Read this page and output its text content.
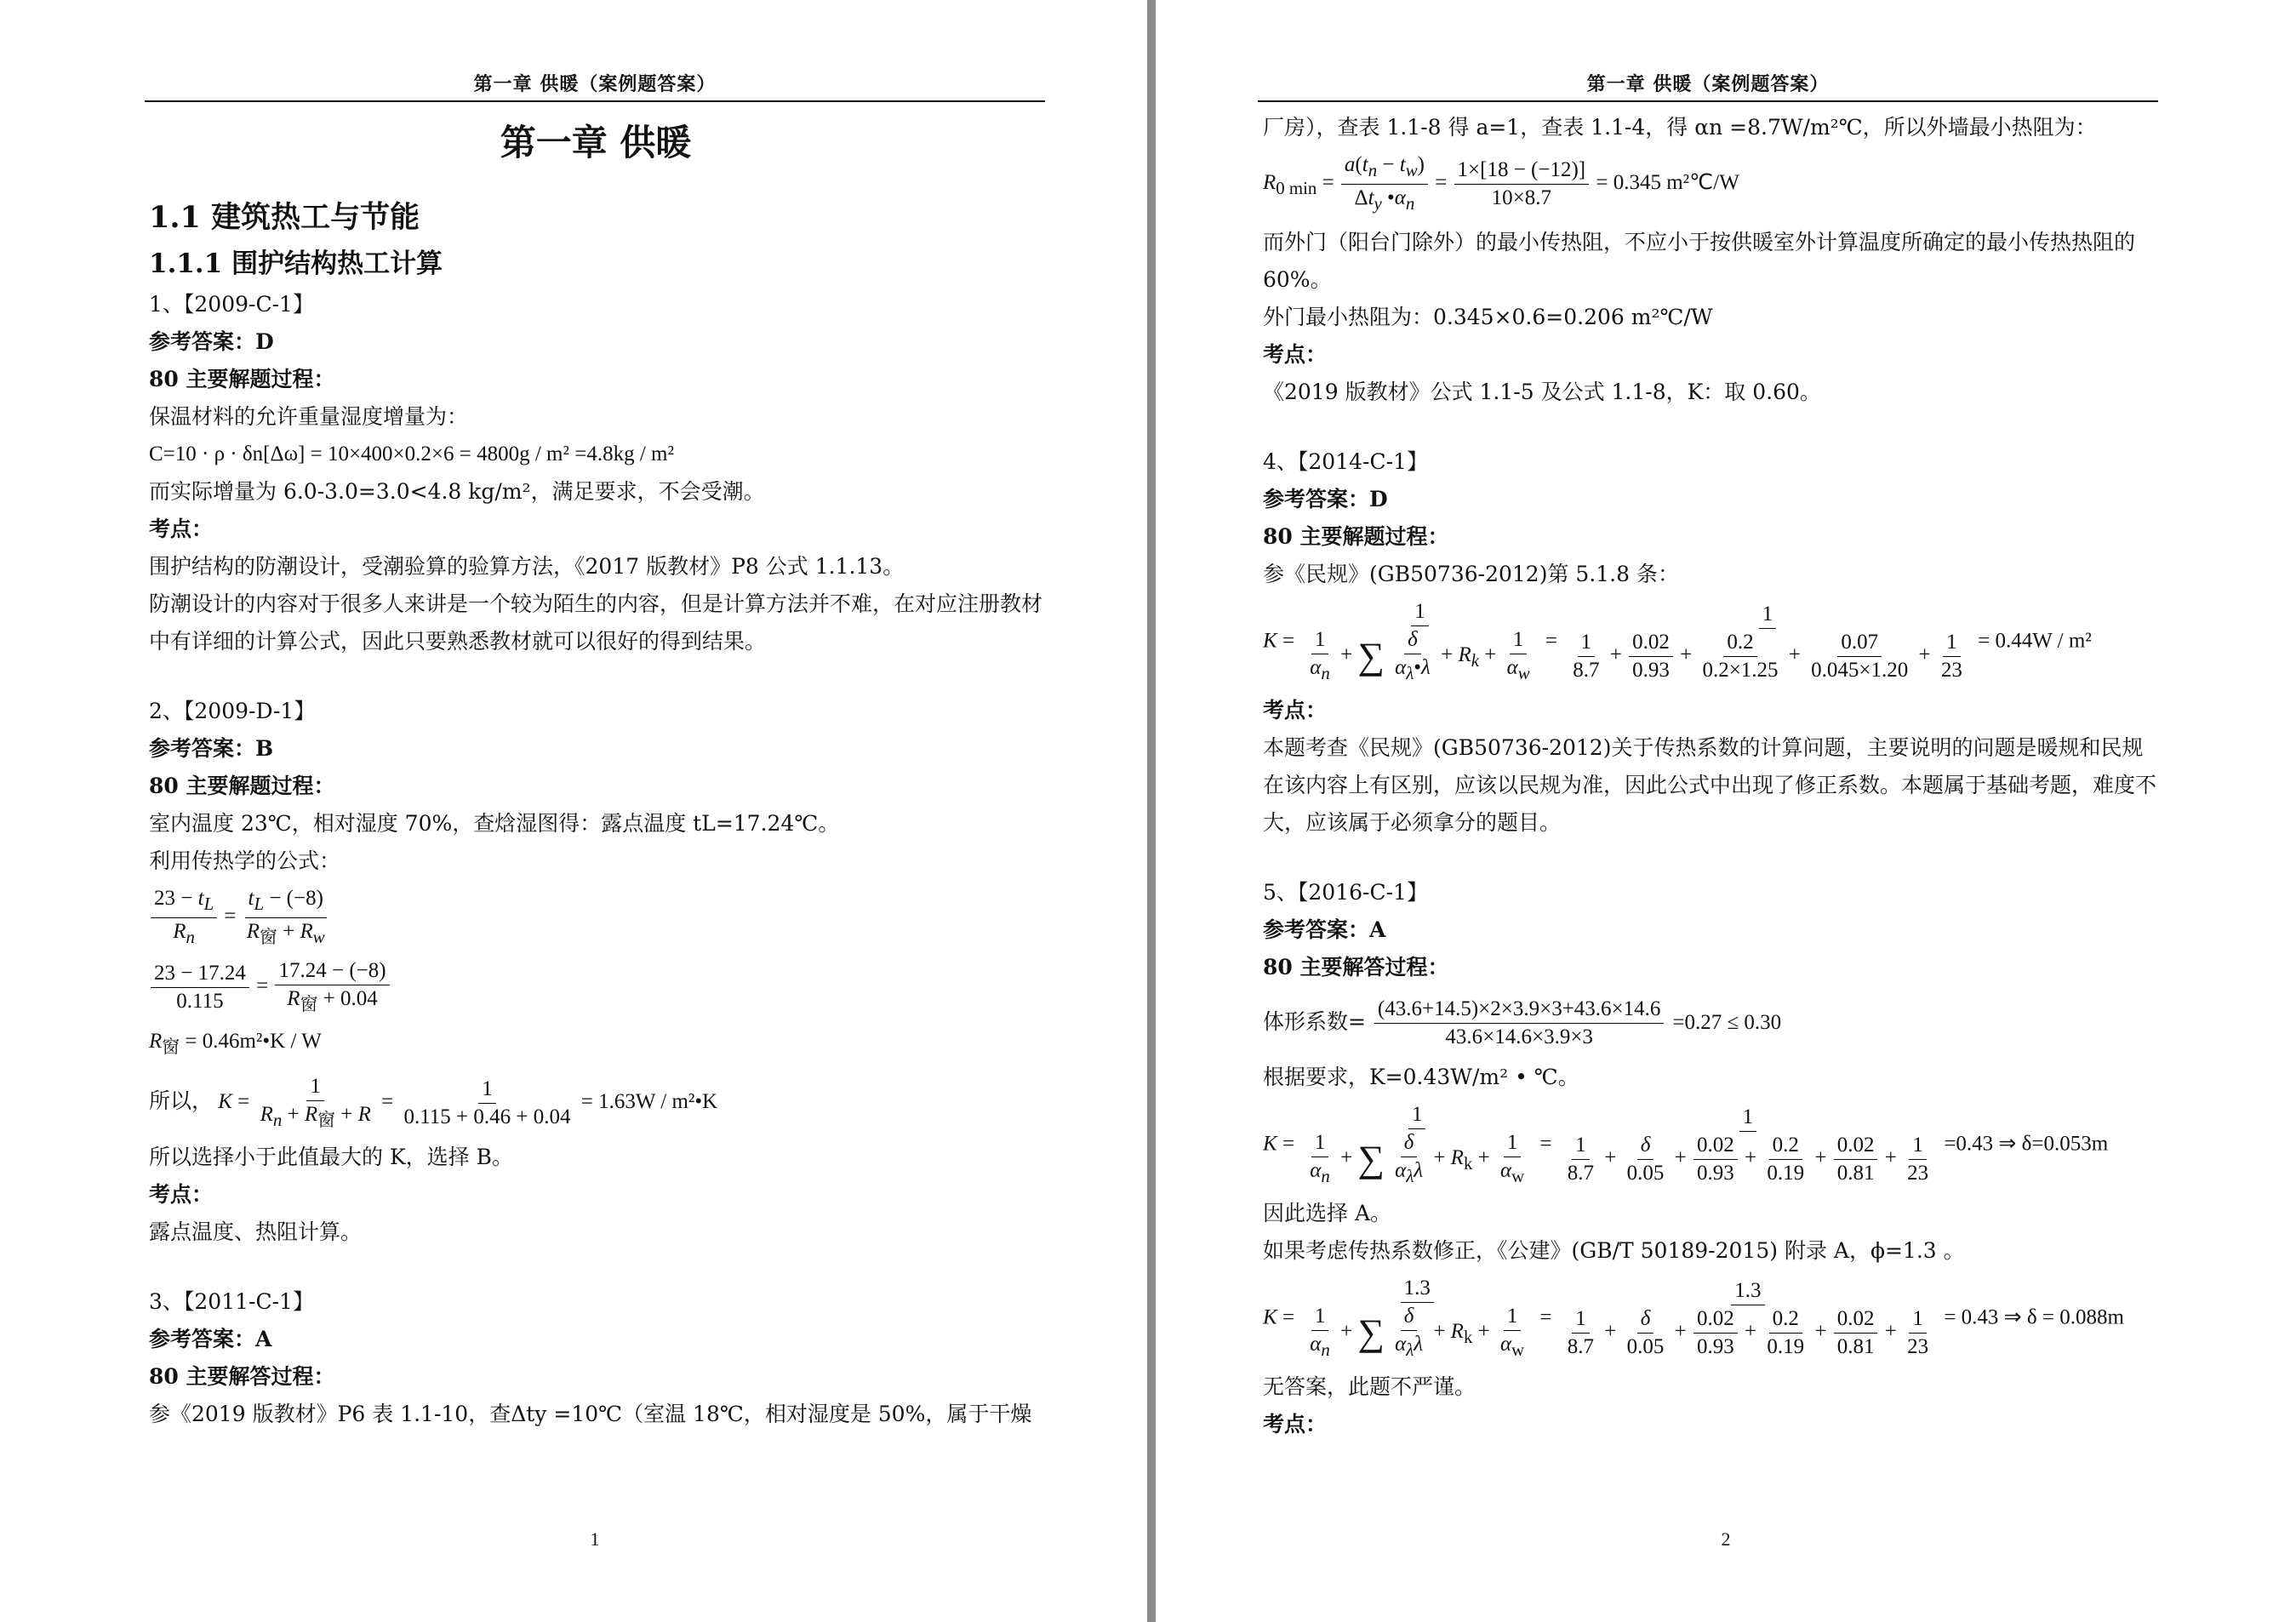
第一章 供暖（案例题答案）
第一章 供暖
1.1 建筑热工与节能
1.1.1 围护结构热工计算
1、【2009-C-1】
参考答案：D
80 主要解题过程：
保温材料的允许重量湿度增量为：
C=10 · ρ · δn[Δω] = 10×400×0.2×6 = 4800g / m² =4.8kg / m²
而实际增量为 6.0-3.0=3.0<4.8 kg/m²，满足要求，不会受潮。
考点：
围护结构的防潮设计，受潮验算的验算方法，《2017 版教材》P8 公式 1.1.13。
防潮设计的内容对于很多人来讲是一个较为陌生的内容，但是计算方法并不难，在对应注册教材中有详细的计算公式，因此只要熟悉教材就可以很好的得到结果。
2、【2009-D-1】
参考答案：B
80 主要解题过程：
室内温度 23℃，相对湿度 70%，查焓湿图得：露点温度 tL=17.24℃。
利用传热学的公式：
$\frac{23 - t_L}{R_n} = \frac{t_L - (-8)}{R_窗 + R_w}$
$\frac{23 - 17.24}{0.115} = \frac{17.24 - (-8)}{R_窗 + 0.04}$
$R_窗$ = 0.46m²•K / W
所以， $K = \frac{1}{R_n + R_窗 + R} = \frac{1}{0.115 + 0.46 + 0.04} = 1.63W$ / m²•K
所以选择小于此值最大的 K，选择 B。
考点：
露点温度、热阻计算。
3、【2011-C-1】
参考答案：A
80 主要解答过程：
参《2019 版教材》P6 表 1.1-10，查Δty =10℃（室温 18℃，相对湿度是 50%，属于干燥
1
第一章 供暖（案例题答案）
厂房），查表 1.1-8 得 a=1，查表 1.1-4，得 αn =8.7W/m²℃，所以外墙最小热阻为：
$R_{0 min} = \frac{a(t_n - t_w)}{\Delta t_y •\alpha_n} = \frac{1\times[18 - (-12)]}{10\times 8.7} = 0.345$ m²℃/W
而外门（阳台门除外）的最小传热阻，不应小于按供暖室外计算温度所确定的最小传热热阻的 60%。
外门最小热阻为：0.345×0.6=0.206 m²℃/W
考点：
《2019 版教材》公式 1.1-5 及公式 1.1-8，K：取 0.60。
4、【2014-C-1】
参考答案：D
80 主要解题过程：
参《民规》(GB50736-2012)第 5.1.8 条：
$K = \frac{1}{\frac{1}{\alpha_n} + \sum \frac{\delta}{\alpha_\lambda•\lambda} + R_k + \frac{1}{\alpha_w}}$ =
1
$\frac{1}{8.7} + \frac{0.02}{0.93} + \frac{0.2}{0.2\times 1.25} + \frac{0.07}{0.045\times 1.20} + \frac{1}{23} = 0.44W / m^2$
考点：
本题考查《民规》(GB50736-2012)关于传热系数的计算问题，主要说明的问题是暖规和民规在该内容上有区别，应该以民规为准，因此公式中出现了修正系数。本题属于基础考题，难度不大，应该属于必须拿分的题目。
5、【2016-C-1】
参考答案：A
80 主要解答过程：
体形系数= $\frac{(43.6+14.5)\times 2\times 3.9\times 3+43.6\times 14.6}{43.6\times 14.6\times 3.9\times 3} =0.27 \le 0.30$
根据要求，K=0.43W/m² • ℃。
$K = \frac{1}{\frac{1}{\alpha_n} + \sum \frac{\delta}{\alpha_\lambda\lambda} + R_k + \frac{1}{\alpha_w}}$ =
1
$\frac{1}{8.7} + \frac{\delta}{0.05} + \frac{0.02}{0.93} + \frac{0.2}{0.19} + \frac{0.02}{0.81} + \frac{1}{23} =0.43$ ⇒ δ=0.053m
因此选择 A。
如果考虑传热系数修正，《公建》(GB/T 50189-2015) 附录 A，ϕ=1.3 。
$K = \frac{1.3}{\frac{1}{\alpha_n} + \sum \frac{\delta}{\alpha_\lambda\lambda} + R_k + \frac{1}{\alpha_w}}$ =
1.3
$\frac{1}{8.7} + \frac{\delta}{0.05} + \frac{0.02}{0.93} + \frac{0.2}{0.19} + \frac{0.02}{0.81} + \frac{1}{23} = 0.43$ ⇒ δ = 0.088m
无答案，此题不严谨。
考点：
2
